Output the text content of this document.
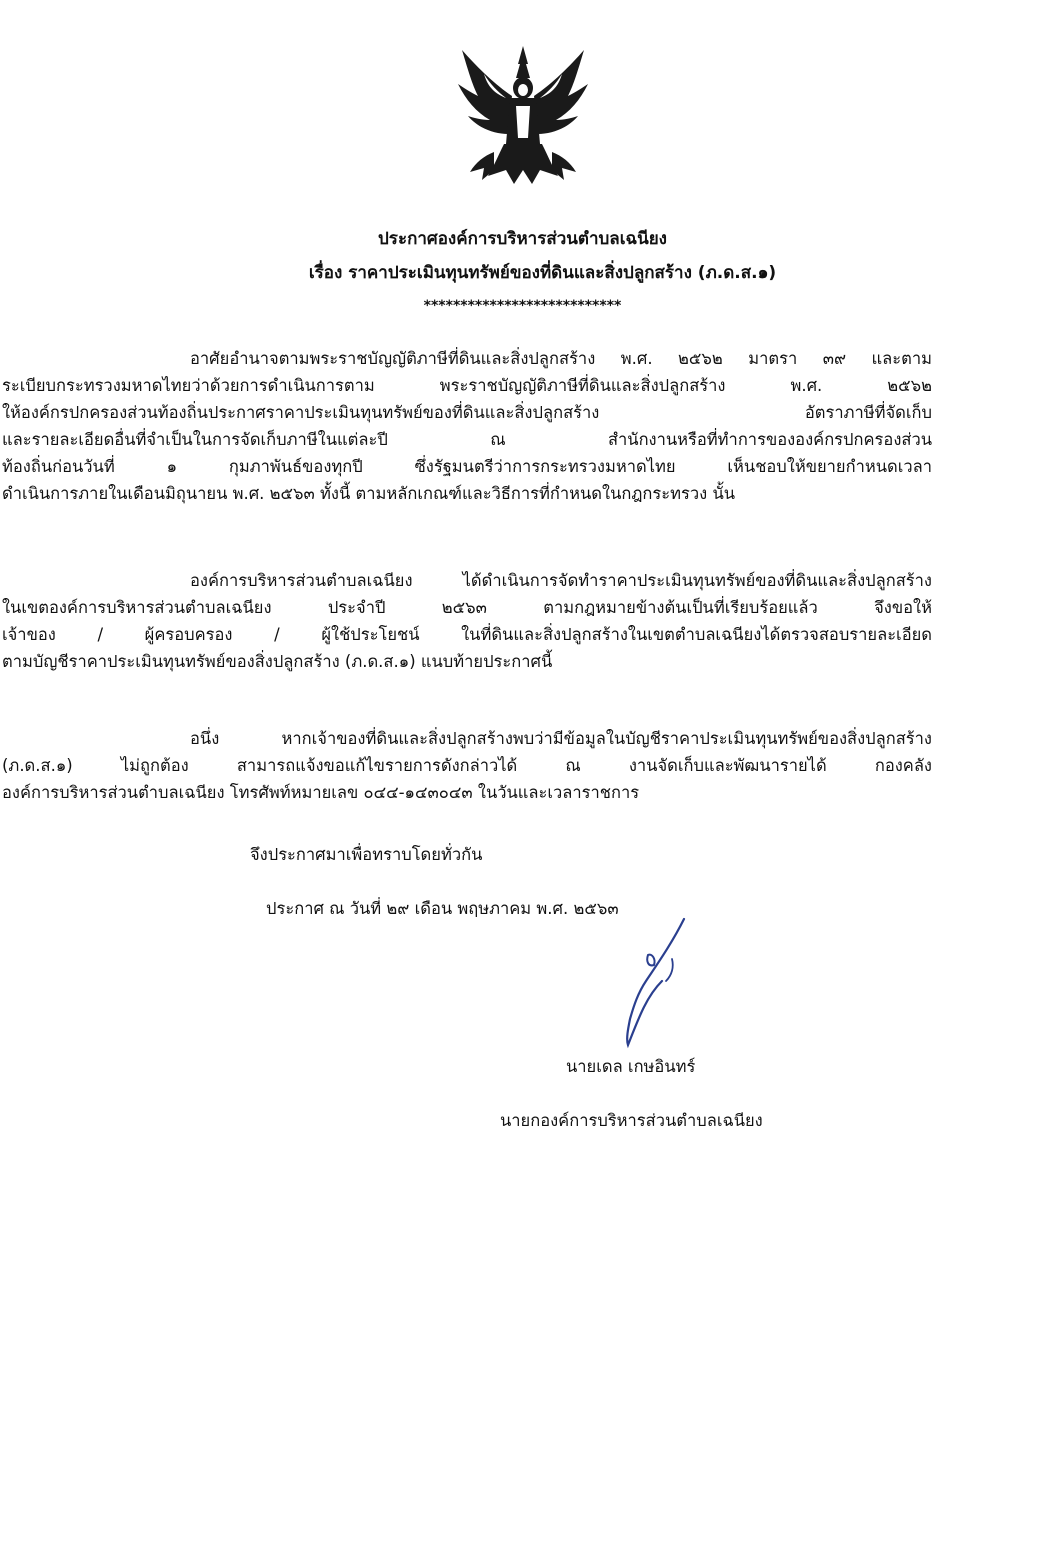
ประกาศองค์การบริหารส่วนตำบลเฉนียง
เรื่อง ราคาประเมินทุนทรัพย์ของที่ดินและสิ่งปลูกสร้าง (ภ.ด.ส.๑)
***************************
อาศัยอำนาจตามพระราชบัญญัติภาษีที่ดินและสิ่งปลูกสร้าง พ.ศ. ๒๕๖๒ มาตรา ๓๙ และตาม
ระเบียบกระทรวงมหาดไทยว่าด้วยการดำเนินการตาม พระราชบัญญัติภาษีที่ดินและสิ่งปลูกสร้าง พ.ศ. ๒๕๖๒
ให้องค์กรปกครองส่วนท้องถิ่นประกาศราคาประเมินทุนทรัพย์ของที่ดินและสิ่งปลูกสร้าง อัตราภาษีที่จัดเก็บ
และรายละเอียดอื่นที่จำเป็นในการจัดเก็บภาษีในแต่ละปี ณ สำนักงานหรือที่ทำการขององค์กรปกครองส่วน
ท้องถิ่นก่อนวันที่ ๑ กุมภาพันธ์ของทุกปี ซึ่งรัฐมนตรีว่าการกระทรวงมหาดไทย เห็นชอบให้ขยายกำหนดเวลา
ดำเนินการภายในเดือนมิถุนายน พ.ศ. ๒๕๖๓ ทั้งนี้ ตามหลักเกณฑ์และวิธีการที่กำหนดในกฎกระทรวง นั้น
องค์การบริหารส่วนตำบลเฉนียง ได้ดำเนินการจัดทำราคาประเมินทุนทรัพย์ของที่ดินและสิ่งปลูกสร้าง
ในเขตองค์การบริหารส่วนตำบลเฉนียง ประจำปี ๒๕๖๓ ตามกฎหมายข้างต้นเป็นที่เรียบร้อยแล้ว จึงขอให้
เจ้าของ / ผู้ครอบครอง / ผู้ใช้ประโยชน์ ในที่ดินและสิ่งปลูกสร้างในเขตตำบลเฉนียงได้ตรวจสอบรายละเอียด
ตามบัญชีราคาประเมินทุนทรัพย์ของสิ่งปลูกสร้าง (ภ.ด.ส.๑) แนบท้ายประกาศนี้
อนึ่ง หากเจ้าของที่ดินและสิ่งปลูกสร้างพบว่ามีข้อมูลในบัญชีราคาประเมินทุนทรัพย์ของสิ่งปลูกสร้าง
(ภ.ด.ส.๑) ไม่ถูกต้อง สามารถแจ้งขอแก้ไขรายการดังกล่าวได้ ณ งานจัดเก็บและพัฒนารายได้ กองคลัง
องค์การบริหารส่วนตำบลเฉนียง โทรศัพท์หมายเลข ๐๔๔-๑๔๓๐๔๓ ในวันและเวลาราชการ
จึงประกาศมาเพื่อทราบโดยทั่วกัน
ประกาศ ณ วันที่ ๒๙ เดือน พฤษภาคม พ.ศ. ๒๕๖๓
นายเดล เกษอินทร์
นายกองค์การบริหารส่วนตำบลเฉนียง
